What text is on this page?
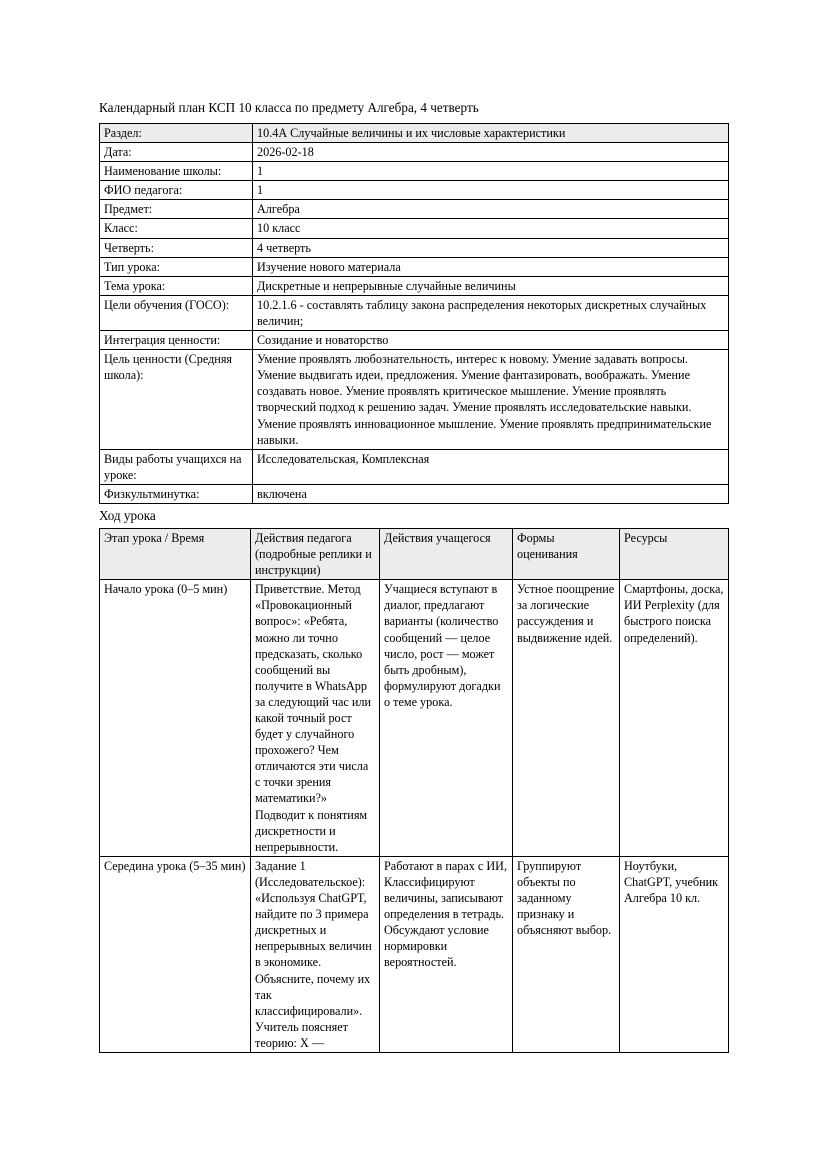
Календарный план КСП 10 класса по предмету Алгебра, 4 четверть
Раздел:	10.4А Случайные величины и их числовые характеристики
Дата:	2026-02-18
Наименование школы:	1
ФИО педагога:	1
Предмет:	Алгебра
Класс:	10 класс
Четверть:	4 четверть
Тип урока:	Изучение нового материала
Тема урока:	Дискретные и непрерывные случайные величины
Цели обучения (ГОСО):	10.2.1.6 - составлять таблицу закона распределения некоторых дискретных случайных величин;
Интеграция ценности:	Созидание и новаторство
Цель ценности (Средняя школа):	Умение проявлять любознательность, интерес к новому. Умение задавать вопросы. Умение выдвигать идеи, предложения. Умение фантазировать, воображать. Умение создавать новое. Умение проявлять критическое мышление. Умение проявлять творческий подход к решению задач. Умение проявлять исследовательские навыки. Умение проявлять инновационное мышление. Умение проявлять предпринимательские навыки.
Виды работы учащихся на уроке:	Исследовательская, Комплексная
Физкультминутка:	включена
Ход урока
Этап урока / Время	Действия педагога (подробные реплики и инструкции)	Действия учащегося	Формы оценивания	Ресурсы
Начало урока (0–5 мин)	Приветствие. Метод «Провокационный вопрос»: «Ребята, можно ли точно предсказать, сколько сообщений вы получите в WhatsApp за следующий час или какой точный рост будет у случайного прохожего? Чем отличаются эти числа с точки зрения математики?» Подводит к понятиям дискретности и непрерывности.	Учащиеся вступают в диалог, предлагают варианты (количество сообщений — целое число, рост — может быть дробным), формулируют догадки о теме урока.	Устное поощрение за логические рассуждения и выдвижение идей.	Смартфоны, доска, ИИ Perplexity (для быстрого поиска определений).
Середина урока (5–35 мин)	Задание 1 (Исследовательское): «Используя ChatGPT, найдите по 3 примера дискретных и непрерывных величин в экономике. Объясните, почему их так классифицировали». Учитель поясняет теорию: X —	Работают в парах с ИИ, Классифицируют величины, записывают определения в тетрадь. Обсуждают условие нормировки вероятностей.	Группируют объекты по заданному признаку и объясняют выбор.	Ноутбуки, ChatGPT, учебник Алгебра 10 кл.
